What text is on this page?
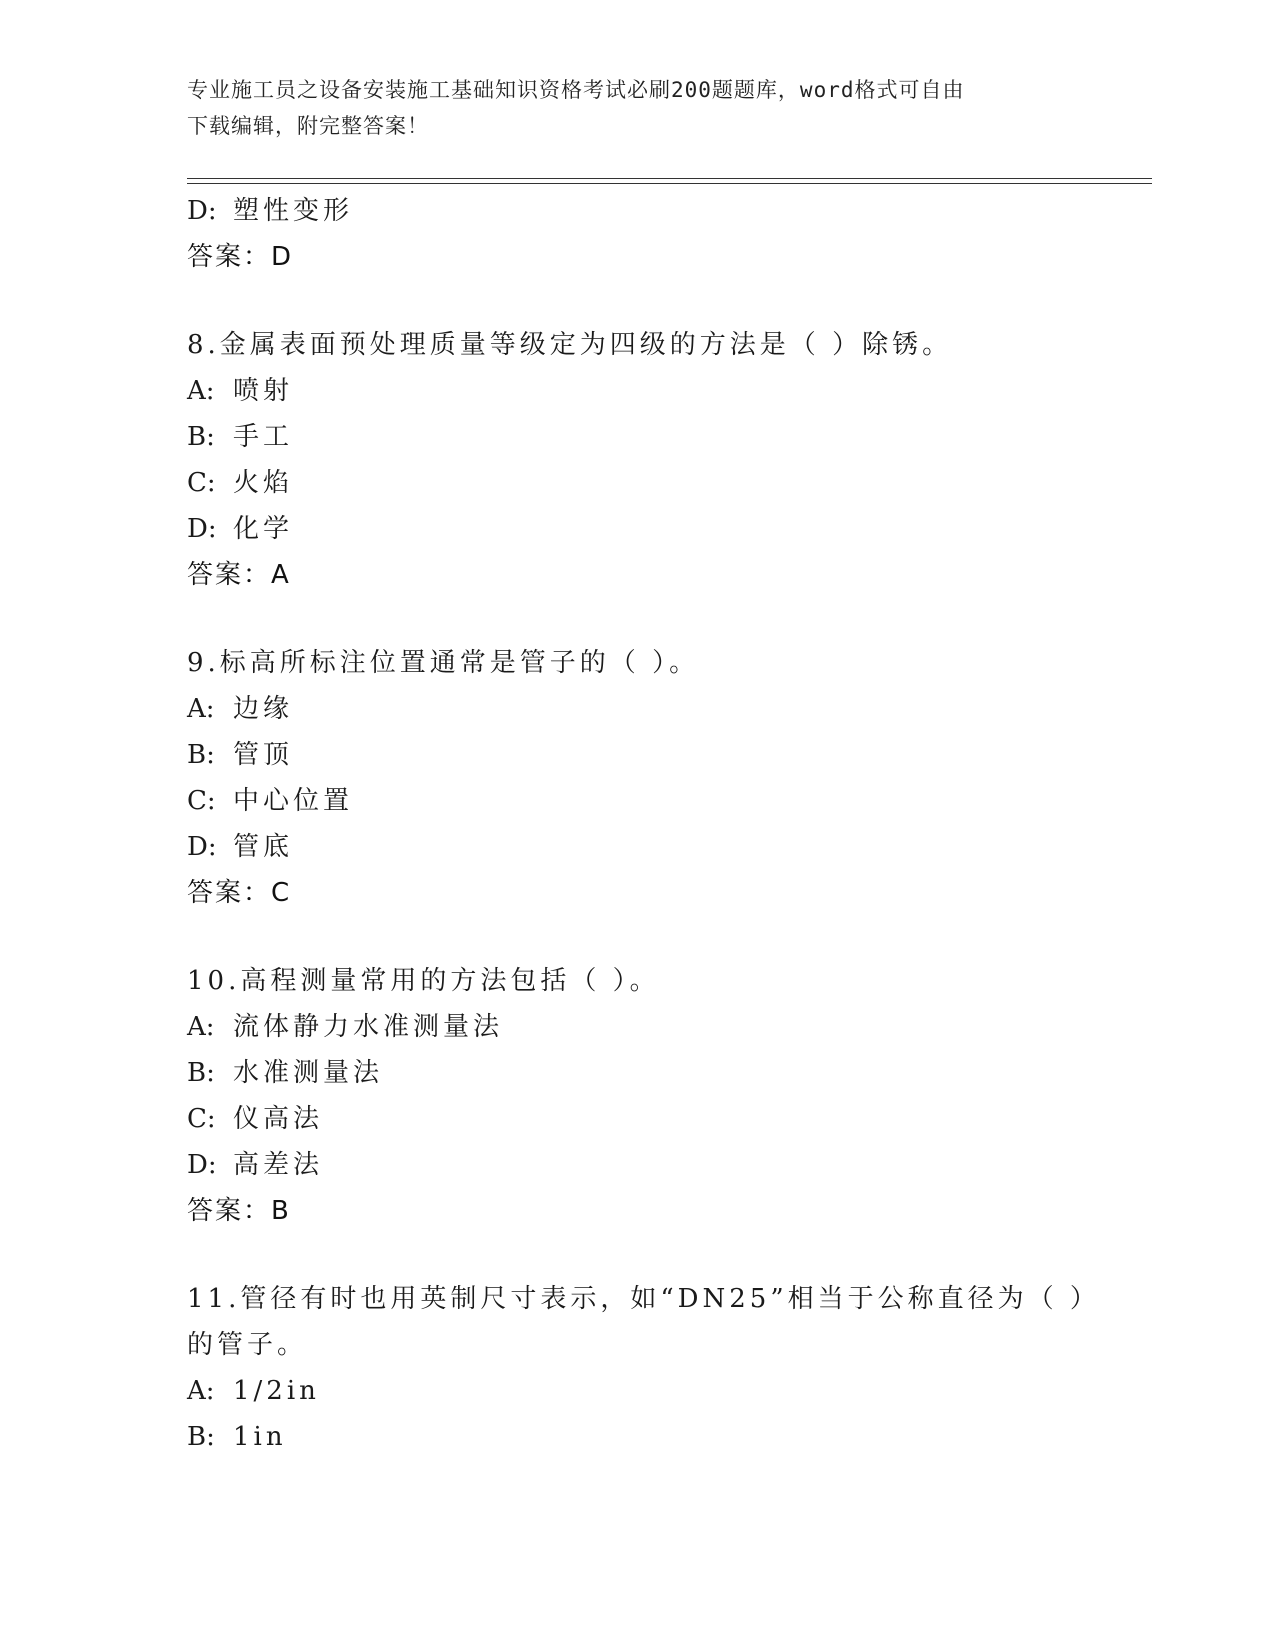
专业施工员之设备安装施工基础知识资格考试必刷200题题库，word格式可自由
下载编辑，附完整答案！
D: 塑性变形
答案：D
8.金属表面预处理质量等级定为四级的方法是（ ）除锈。
A: 喷射
B: 手工
C: 火焰
D: 化学
答案：A
9.标高所标注位置通常是管子的（ ）。
A: 边缘
B: 管顶
C: 中心位置
D: 管底
答案：C
10.高程测量常用的方法包括（ ）。
A: 流体静力水准测量法
B: 水准测量法
C: 仪高法
D: 高差法
答案：B
11.管径有时也用英制尺寸表示，如“DN25”相当于公称直径为（ ）
的管子。
A: 1/2in
B: 1in
